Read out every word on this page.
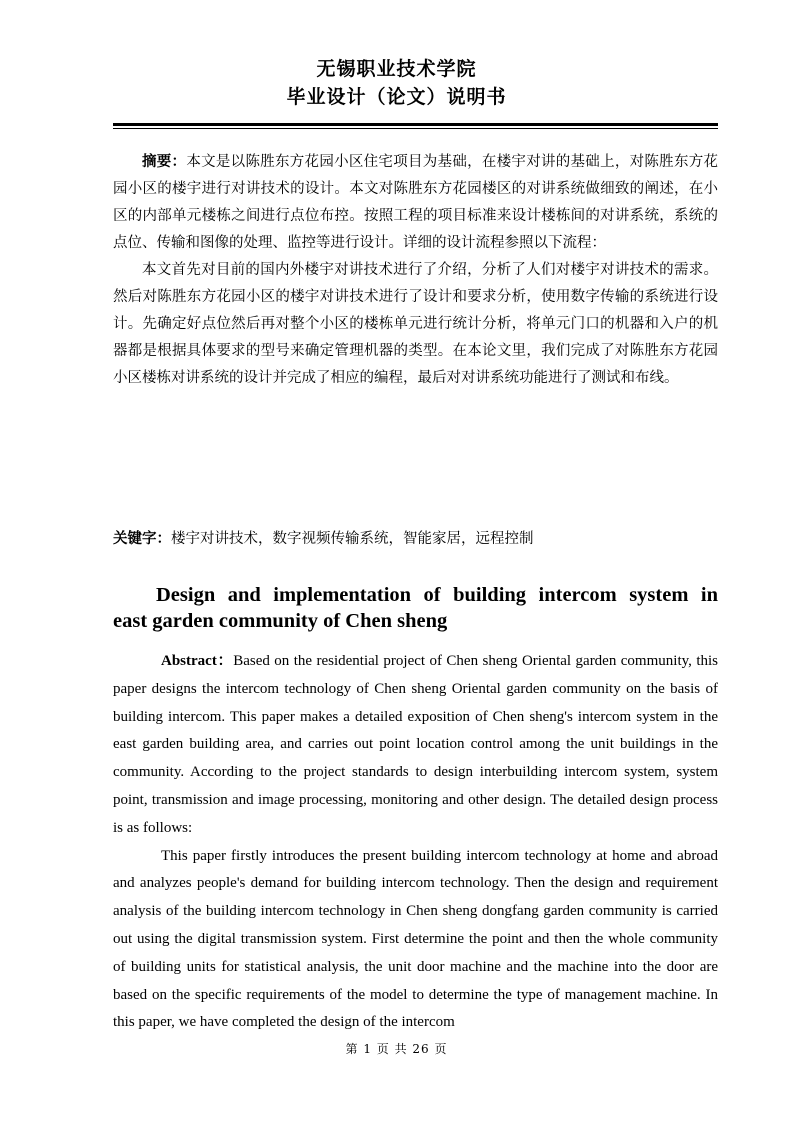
无锡职业技术学院
毕业设计（论文）说明书

摘要：本文是以陈胜东方花园小区住宅项目为基础，在楼宇对讲的基础上，对陈胜东方花园小区的楼宇进行对讲技术的设计。本文对陈胜东方花园楼区的对讲系统做细致的阐述，在小区的内部单元楼栋之间进行点位布控。按照工程的项目标准来设计楼栋间的对讲系统，系统的点位、传输和图像的处理、监控等进行设计。详细的设计流程参照以下流程：

本文首先对目前的国内外楼宇对讲技术进行了介绍，分析了人们对楼宇对讲技术的需求。然后对陈胜东方花园小区的楼宇对讲技术进行了设计和要求分析，使用数字传输的系统进行设计。先确定好点位然后再对整个小区的楼栋单元进行统计分析，将单元门口的机器和入户的机器都是根据具体要求的型号来确定管理机器的类型。在本论文里，我们完成了对陈胜东方花园小区楼栋对讲系统的设计并完成了相应的编程，最后对对讲系统功能进行了测试和布线。

关键字：楼宇对讲技术，数字视频传输系统，智能家居，远程控制
Design and implementation of building intercom system in
east garden community of Chen sheng

Abstract：Based on the residential project of Chen sheng Oriental garden community, this paper designs the intercom technology of Chen sheng Oriental garden community on the basis of building intercom. This paper makes a detailed exposition of Chen sheng's intercom system in the east garden building area, and carries out point location control among the unit buildings in the community. According to the project standards to design interbuilding intercom system, system point, transmission and image processing, monitoring and other design. The detailed design process is as follows:

This paper firstly introduces the present building intercom technology at home and abroad and analyzes people's demand for building intercom technology. Then the design and requirement analysis of the building intercom technology in Chen sheng dongfang garden community is carried out using the digital transmission system. First determine the point and then the whole community of building units for statistical analysis, the unit door machine and the machine into the door are based on the specific requirements of the model to determine the type of management machine. In this paper, we have completed the design of the intercom

第 1 页 共 26 页
